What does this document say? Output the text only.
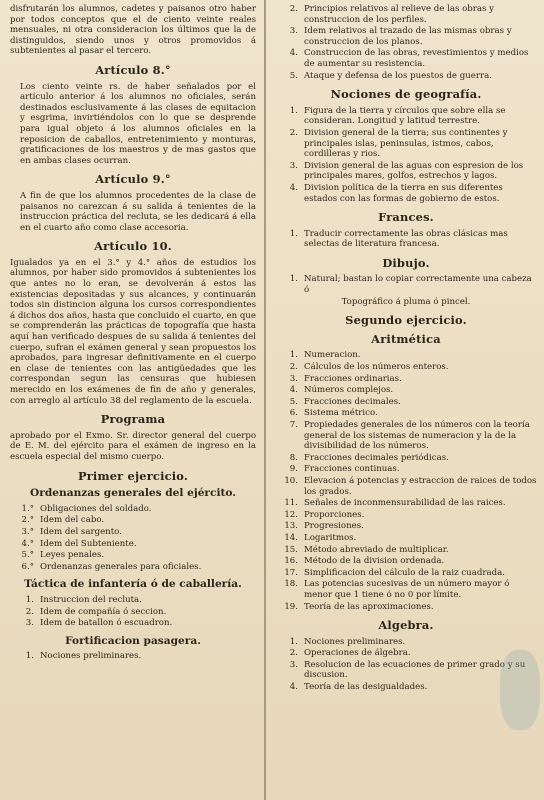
disfrutarán los alumnos, cadetes y paisanos otro haber por todos conceptos que el de ciento veinte reales mensuales, ni otra consideracion los últimos que la de distinguidos, siendo unos y otros promovidos á subtenientes al pasar el tercero.

Artículo 8.°

Los ciento veinte rs. de haber señalados por el artículo anterior á los alumnos no oficiales, serán destinados esclusivamente á las clases de equitacion y esgrima, invirtiéndolos con lo que se desprende para igual objeto á los alumnos oficiales en la reposicion de caballos, entretenimiento y monturas, gratificaciones de los maestros y de mas gastos que en ambas clases ocurran.

Artículo 9.°

A fin de que los alumnos procedentes de la clase de paisanos no carezcan á su salida á tenientes de la instruccion práctica del recluta, se les dedicará á ella en el cuarto año como clase accesoria.

Artículo 10.

Igualados ya en el 3.° y 4.° años de estudios los alumnos, por haber sido promovidos á subtenientes los que antes no lo eran, se devolverán á estos las existencias depositadas y sus alcances, y continuarán todos sin distincion alguna los cursos correspondientes á dichos dos años, hasta que concluido el cuarto, en que se comprenderán las prácticas de topografía que hasta aquí han verificado despues de su salida á tenientes del cuerpo, sufran el exámen general y sean propuestos los aprobados, para ingresar definitivamente en el cuerpo en clase de tenientes con las antigüedades que les correspondan segun las censuras que hubiesen merecido en los exámenes de fin de año y generales, con arreglo al artículo 38 del reglamento de la escuela.

Programa

aprobado por el Exmo. Sr. director general del cuerpo de E. M. del ejército para el exámen de ingreso en la escuela especial del mismo cuerpo.

Primer ejercicio.
Ordenanzas generales del ejército.
1.° Obligaciones del soldado.
2.° Idem del cabo.
3.° Idem del sargento.
4.° Idem del Subteniente.
5.° Leyes penales.
6.° Ordenanzas generales para oficiales.
Táctica de infantería ó de caballería.
1. Instruccion del recluta.
2. Idem de compañía ó seccion.
3. Idem de batallon ó escuadron.
Fortificacion pasagera.
1. Nociones preliminares.
2. Principios relativos al relieve de las obras y construccion de los perfiles.
3. Idem relativos al trazado de las mismas obras y construccion de los planos.
4. Construccion de las obras, revestimientos y medios de aumentar su resistencia.
5. Ataque y defensa de los puestos de guerra.
Nociones de geografía.
1. Figura de la tierra y círculos que sobre ella se consideran. Longitud y latitud terrestre.
2. Division general de la tierra; sus continentes y principales islas, peninsulas, istmos, cabos, cordilleras y rios.
3. Division general de las aguas con espresion de los principales mares, golfos, estrechos y lagos.
4. Division política de la tierra en sus diferentes estados con las formas de gobierno de estos.
Frances.
1. Traducir correctamente las obras clásicas mas selectas de literatura francesa.
Dibujo.
1. Natural; bastan lo copiar correctamente una cabeza ó

Topográfico á pluma ó pincel.

Segundo ejercicio.
Aritmética
1. Numeracion.
2. Cálculos de los números enteros.
3. Fracciones ordinarias.
4. Números complejos.
5. Fracciones decimales.
6. Sistema métrico.
7. Propiedades generales de los números con la teoría general de los sistemas de numeracion y la de la divisibilidad de los números.
8. Fracciones decimales periódicas.
9. Fracciones continuas.
10. Elevacion á potencias y estraccion de raices de todos los grados.
11. Señales de inconmensurabilidad de las raices.
12. Proporciones.
13. Progresiones.
14. Logaritmos.
15. Método abreviado de multiplicar.
16. Método de la division ordenada.
17. Simplificacion del cálculo de la raiz cuadrada.
18. Las potencias sucesivas de un número mayor ó menor que 1 tiene ó no 0 por límite.
19. Teoría de las aproximaciones.
Algebra.
1. Nociones preliminares.
2. Operaciones de álgebra.
3. Resolucion de las ecuaciones de primer grado y su discusion.
4. Teoría de las desigualdades.
